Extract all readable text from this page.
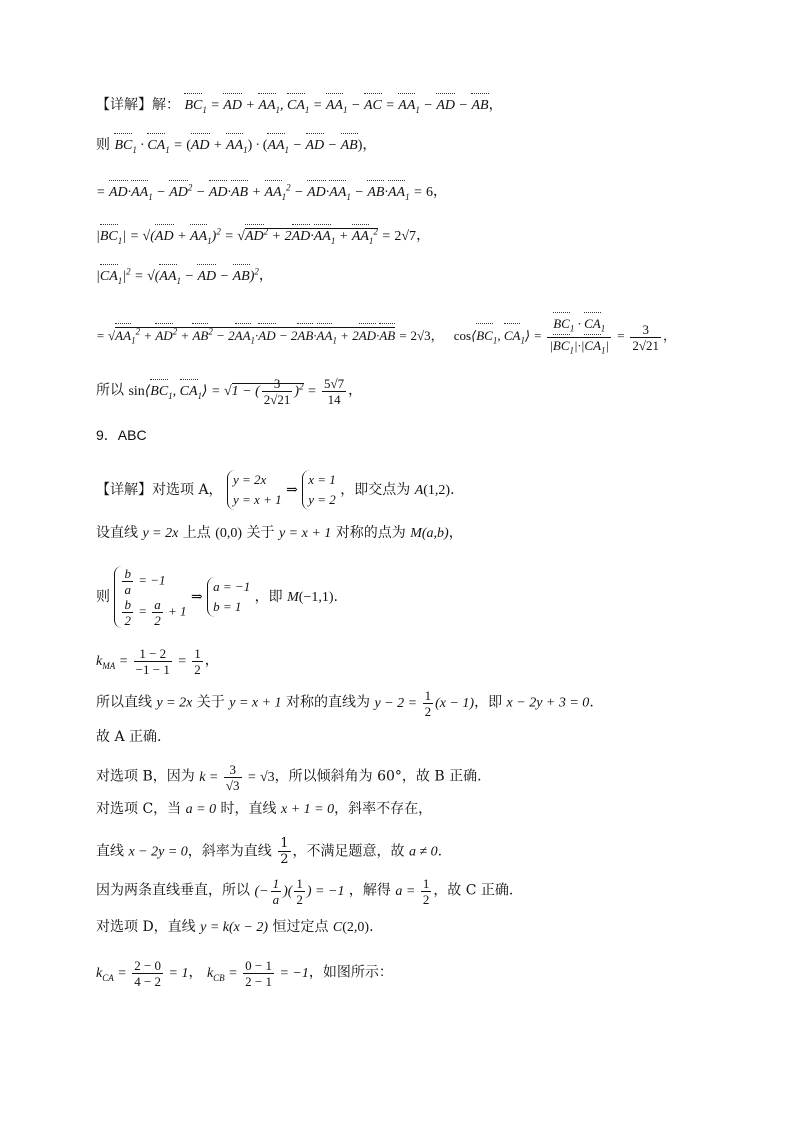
【详解】解： $BC_1$ = AD + $AA_1$, $CA_1 = AA_1$ − AC = $AA_1$ − AD − AB，
则 $BC_1 \cdot CA_1 = (AD + AA_1) \cdot (AA_1$ − AD − AB)，
= $AD\cdot AA_1 - AD^2 - AD\cdot AB + AA_1^2 - AD\cdot AA_1 - AB\cdot AA_1 = 6$，
$|BC_1| = √(AD + AA_1)^2 = √AD^2 + 2AD\cdot AA_1 + AA_1^2 = 2√7$，
$|CA_1|^2 = √(AA_1$ − AD − AB)$^2$，
= $√AA_1^2 + AD^2 + AB^2 - 2AA_1\cdot AD - 2AB\cdot AA_1 + 2AD\cdot AB = 2√3$， $\cos⟨BC_1$, $CA_1⟩ = \frac{BC_1 \cdot CA_1}{|BC_1|\cdot|CA_1|} = \frac{3}{2√21}$ ，
所以 $\sin⟨BC_1$, $CA_1⟩ = √1$ − ( $\frac{3}{2√21} )^2 = \frac{5√7}{14}$ ，
9．ABC
【详解】对选项 A，
y = 2x
y = x + 1
⇒
x = 1
y = 2
，即交点为 A(1,2).
设直线 y = 2x 上点 (0,0) 关于 y = x + 1 对称的点为 M(a,b)，
则 $\frac{b}{a} = -1$
$\frac{b}{2} = \frac{a}{2} + 1$
⇒
a = −1
b = 1
，即 M(−1,1).
$k_{MA} = \frac{1 - 2}{-1 - 1} = \frac{1}{2}$ ，
所以直线 y = 2x 关于 y = x + 1 对称的直线为 $y - 2 = \frac{1}{2} (x - 1)$，即 x − 2y + 3 = 0.
故 A 正确.
对选项 B，因为 $k = \frac{3}{√3} = √3$，所以倾斜角为 60°，故 B 正确.
对选项 C，当 a = 0 时，直线 x + 1 = 0，斜率不存在，
直线 x − 2y = 0，斜率为直线 $\frac{1}{2}$ ，不满足题意，故 a ≠ 0.
因为两条直线垂直，所以 (− $\frac{1}{a}$ )( $\frac{1}{2}$ ) = −1 ，解得 $a = \frac{1}{2}$ ，故 C 正确.
对选项 D，直线 y = k(x − 2) 恒过定点 C(2,0).
$k_{CA} = \frac{2 - 0}{4 - 2} = 1$， $k_{CB} = \frac{0 - 1}{2 - 1} = -1$，如图所示：
